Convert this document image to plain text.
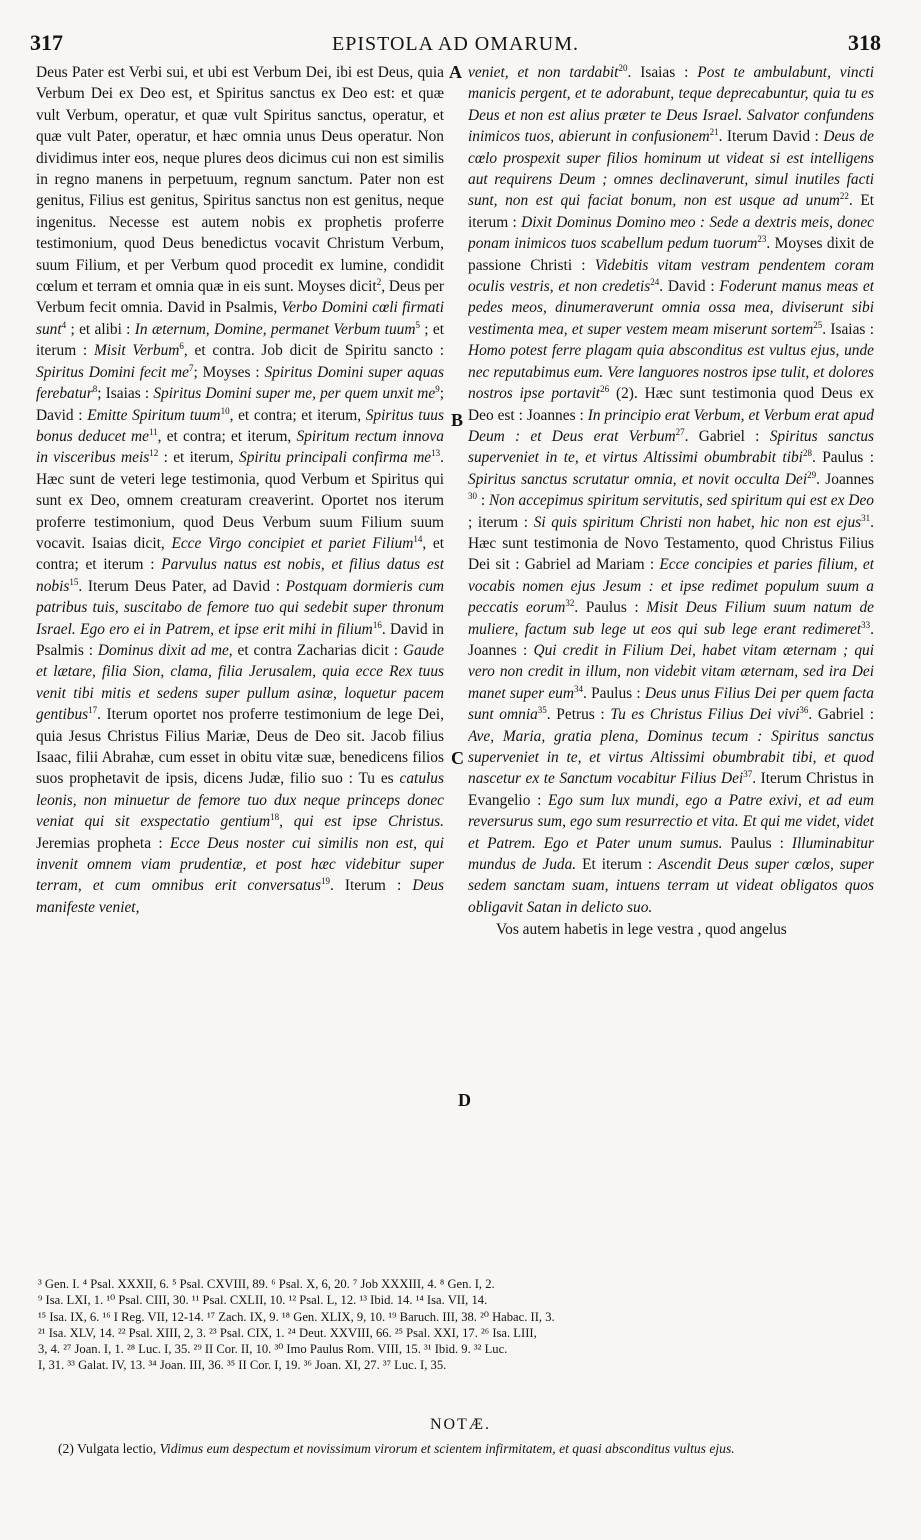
317	EPISTOLA AD OMARUM.	318
A
B
C
D

Deus Pater est Verbi sui, et ubi est Verbum Dei, ibi est Deus, quia Verbum Dei ex Deo est, et Spiritus sanctus ex Deo est: et quæ vult Verbum, operatur, et quæ vult Spiritus sanctus, operatur, et quæ vult Pater, operatur, et hæc omnia unus Deus operatur. Non dividimus inter eos, neque plures deos dicimus cui non est similis in regno manens in perpetuum, regnum sanctum. Pater non est genitus, Filius est genitus, Spiritus sanctus non est genitus, neque ingenitus. Necesse est autem nobis ex prophetis proferre testimonium, quod Deus benedictus vocavit Christum Verbum, suum Filium, et per Verbum quod procedit ex lumine, condidit cœlum et terram et omnia quæ in eis sunt. Moyses dicit$^2$, Deus per Verbum fecit omnia. David in Psalmis, Verbo Domini cœli firmati sunt$^4$ ; et alibi : In æternum, Domine, permanet Verbum tuum$^5$ ; et iterum : Misit Verbum$^6$, et contra. Job dicit de Spiritu sancto : Spiritus Domini fecit $me^7$; Moyses : Spiritus Domini super aquas ferebatur$^8$; Isaias : Spiritus Domini super me, per quem unxit $me^9$; David : Emitte Spiritum tuum$^{10}$, et contra; et iterum, Spiritus tuus bonus deducet $me^{11}$, et contra; et iterum, Spiritum rectum innova in visceribus meis$^{12}$ : et iterum, Spiritu principali confirma $me^{13}$. Hæc sunt de veteri lege testimonia, quod Verbum et Spiritus qui sunt ex Deo, omnem creaturam creaverint. Oportet nos iterum proferre testimonium, quod Deus Verbum suum Filium suum vocavit. Isaias dicit, Ecce Virgo concipiet et pariet Filium$^{14}$, et contra; et iterum : Parvulus natus est nobis, et filius datus est nobis$^{15}$. Iterum Deus Pater, ad David : Postquam dormieris cum patribus tuis, suscitabo de femore tuo qui sedebit super thronum Israel. Ego ero ei in Patrem, et ipse erit mihi in filium$^{16}$. David in Psalmis : Dominus dixit ad me, et contra Zacharias dicit : Gaude et lætare, filia Sion, clama, filia Jerusalem, quia ecce Rex tuus venit tibi mitis et sedens super pullum asinæ, loquetur pacem gentibus$^{17}$. Iterum oportet nos proferre testimonium de lege Dei, quia Jesus Christus Filius Mariæ, Deus de Deo sit. Jacob filius Isaac, filii Abrahæ, cum esset in obitu vitæ suæ, benedicens filios suos prophetavit de ipsis, dicens Judæ, filio suo : Tu es catulus leonis, non minuetur de femore tuo dux neque princeps donec veniat qui sit exspectatio gentium$^{18}$, qui est ipse Christus. Jeremias propheta : Ecce Deus noster cui similis non est, qui invenit omnem viam prudentiæ, et post hæc videbitur super terram, et cum omnibus erit conversatus$^{19}$. Iterum : Deus manifeste veniet,

veniet, et non tardabit$^{20}$. Isaias : Post te ambulabunt, vincti manicis pergent, et te adorabunt, teque deprecabuntur, quia tu es Deus et non est alius præter te Deus Israel. Salvator confundens inimicos tuos, abierunt in confusionem$^{21}$. Iterum David : Deus de cœlo prospexit super filios hominum ut videat si est intelligens aut requirens Deum ; omnes declinaverunt, simul inutiles facti sunt, non est qui faciat bonum, non est usque ad unum$^{22}$. Et iterum : Dixit Dominus Domino meo : Sede a dextris meis, donec ponam inimicos tuos scabellum pedum tuorum$^{23}$. Moyses dixit de passione Christi : Videbitis vitam vestram pendentem coram oculis vestris, et non credetis$^{24}$. David : Foderunt manus meas et pedes meos, dinumeraverunt omnia ossa mea, diviserunt sibi vestimenta mea, et super vestem meam miserunt sortem$^{25}$. Isaias : Homo potest ferre plagam quia absconditus est vultus ejus, unde nec reputabimus eum. Vere languores nostros ipse tulit, et dolores nostros ipse portavit$^{26}$ (2). Hæc sunt testimonia quod Deus ex Deo est : Joannes : In principio erat Verbum, et Verbum erat apud Deum : et Deus erat Verbum$^{27}$. Gabriel : Spiritus sanctus superveniet in te, et virtus Altissimi obumbrabit tibi$^{28}$. Paulus : Spiritus sanctus scrutatur omnia, et novit occulta Dei$^{29}$. Joannes $^{30}$ : Non accepimus spiritum servitutis, sed spiritum qui est ex Deo ; iterum : Si quis spiritum Christi non habet, hic non est ejus$^{31}$. Hæc sunt testimonia de Novo Testamento, quod Christus Filius Dei sit : Gabriel ad Mariam : Ecce concipies et paries filium, et vocabis nomen ejus Jesum : et ipse redimet populum suum a peccatis eorum$^{32}$. Paulus : Misit Deus Filium suum natum de muliere, factum sub lege ut eos qui sub lege erant redimeret$^{33}$. Joannes : Qui credit in Filium Dei, habet vitam æternam ; qui vero non credit in illum, non videbit vitam æternam, sed ira Dei manet super eum$^{34}$. Paulus : Deus unus Filius Dei per quem facta sunt omnia$^{35}$. Petrus : Tu es Christus Filius Dei vivi$^{36}$. Gabriel : Ave, Maria, gratia plena, Dominus tecum : Spiritus sanctus superveniet in te, et virtus Altissimi obumbrabit tibi, et quod nascetur ex te Sanctum vocabitur Filius Dei$^{37}$. Iterum Christus in Evangelio : Ego sum lux mundi, ego a Patre exivi, et ad eum reversurus sum, ego sum resurrectio et vita. Et qui me videt, videt et Patrem. Ego et Pater unum sumus. Paulus : Illuminabitur mundus de Juda. Et iterum : Ascendit Deus super cœlos, super sedem sanctam suam, intuens terram ut videat obligatos quos obligavit Satan in delicto suo.

Vos autem habetis in lege vestra , quod angelus

³ Gen. I. ⁴ Psal. XXXII, 6. ⁵ Psal. CXVIII, 89. ⁶ Psal. X, 6, 20. ⁷ Job XXXIII, 4. ⁸ Gen. I, 2.
⁹ Isa. LXI, 1. ¹⁰ Psal. CIII, 30. ¹¹ Psal. CXLII, 10. ¹² Psal. L, 12. ¹³ Ibid. 14. ¹⁴ Isa. VII, 14.
¹⁵ Isa. IX, 6. ¹⁶ I Reg. VII, 12-14. ¹⁷ Zach. IX, 9. ¹⁸ Gen. XLIX, 9, 10. ¹⁹ Baruch. III, 38. ²⁰ Habac. II, 3.
²¹ Isa. XLV, 14. ²² Psal. XIII, 2, 3. ²³ Psal. CIX, 1. ²⁴ Deut. XXVIII, 66. ²⁵ Psal. XXI, 17. ²⁶ Isa. LIII,
3, 4. ²⁷ Joan. I, 1. ²⁸ Luc. I, 35. ²⁹ II Cor. II, 10. ³⁰ Imo Paulus Rom. VIII, 15. ³¹ Ibid. 9. ³² Luc.
I, 31. ³³ Galat. IV, 13. ³⁴ Joan. III, 36. ³⁵ II Cor. I, 19. ³⁶ Joan. XI, 27. ³⁷ Luc. I, 35.
NOTÆ.
(2) Vulgata lectio, Vidimus eum despectum et novissimum virorum et scientem infirmitatem, et quasi absconditus vultus ejus.
